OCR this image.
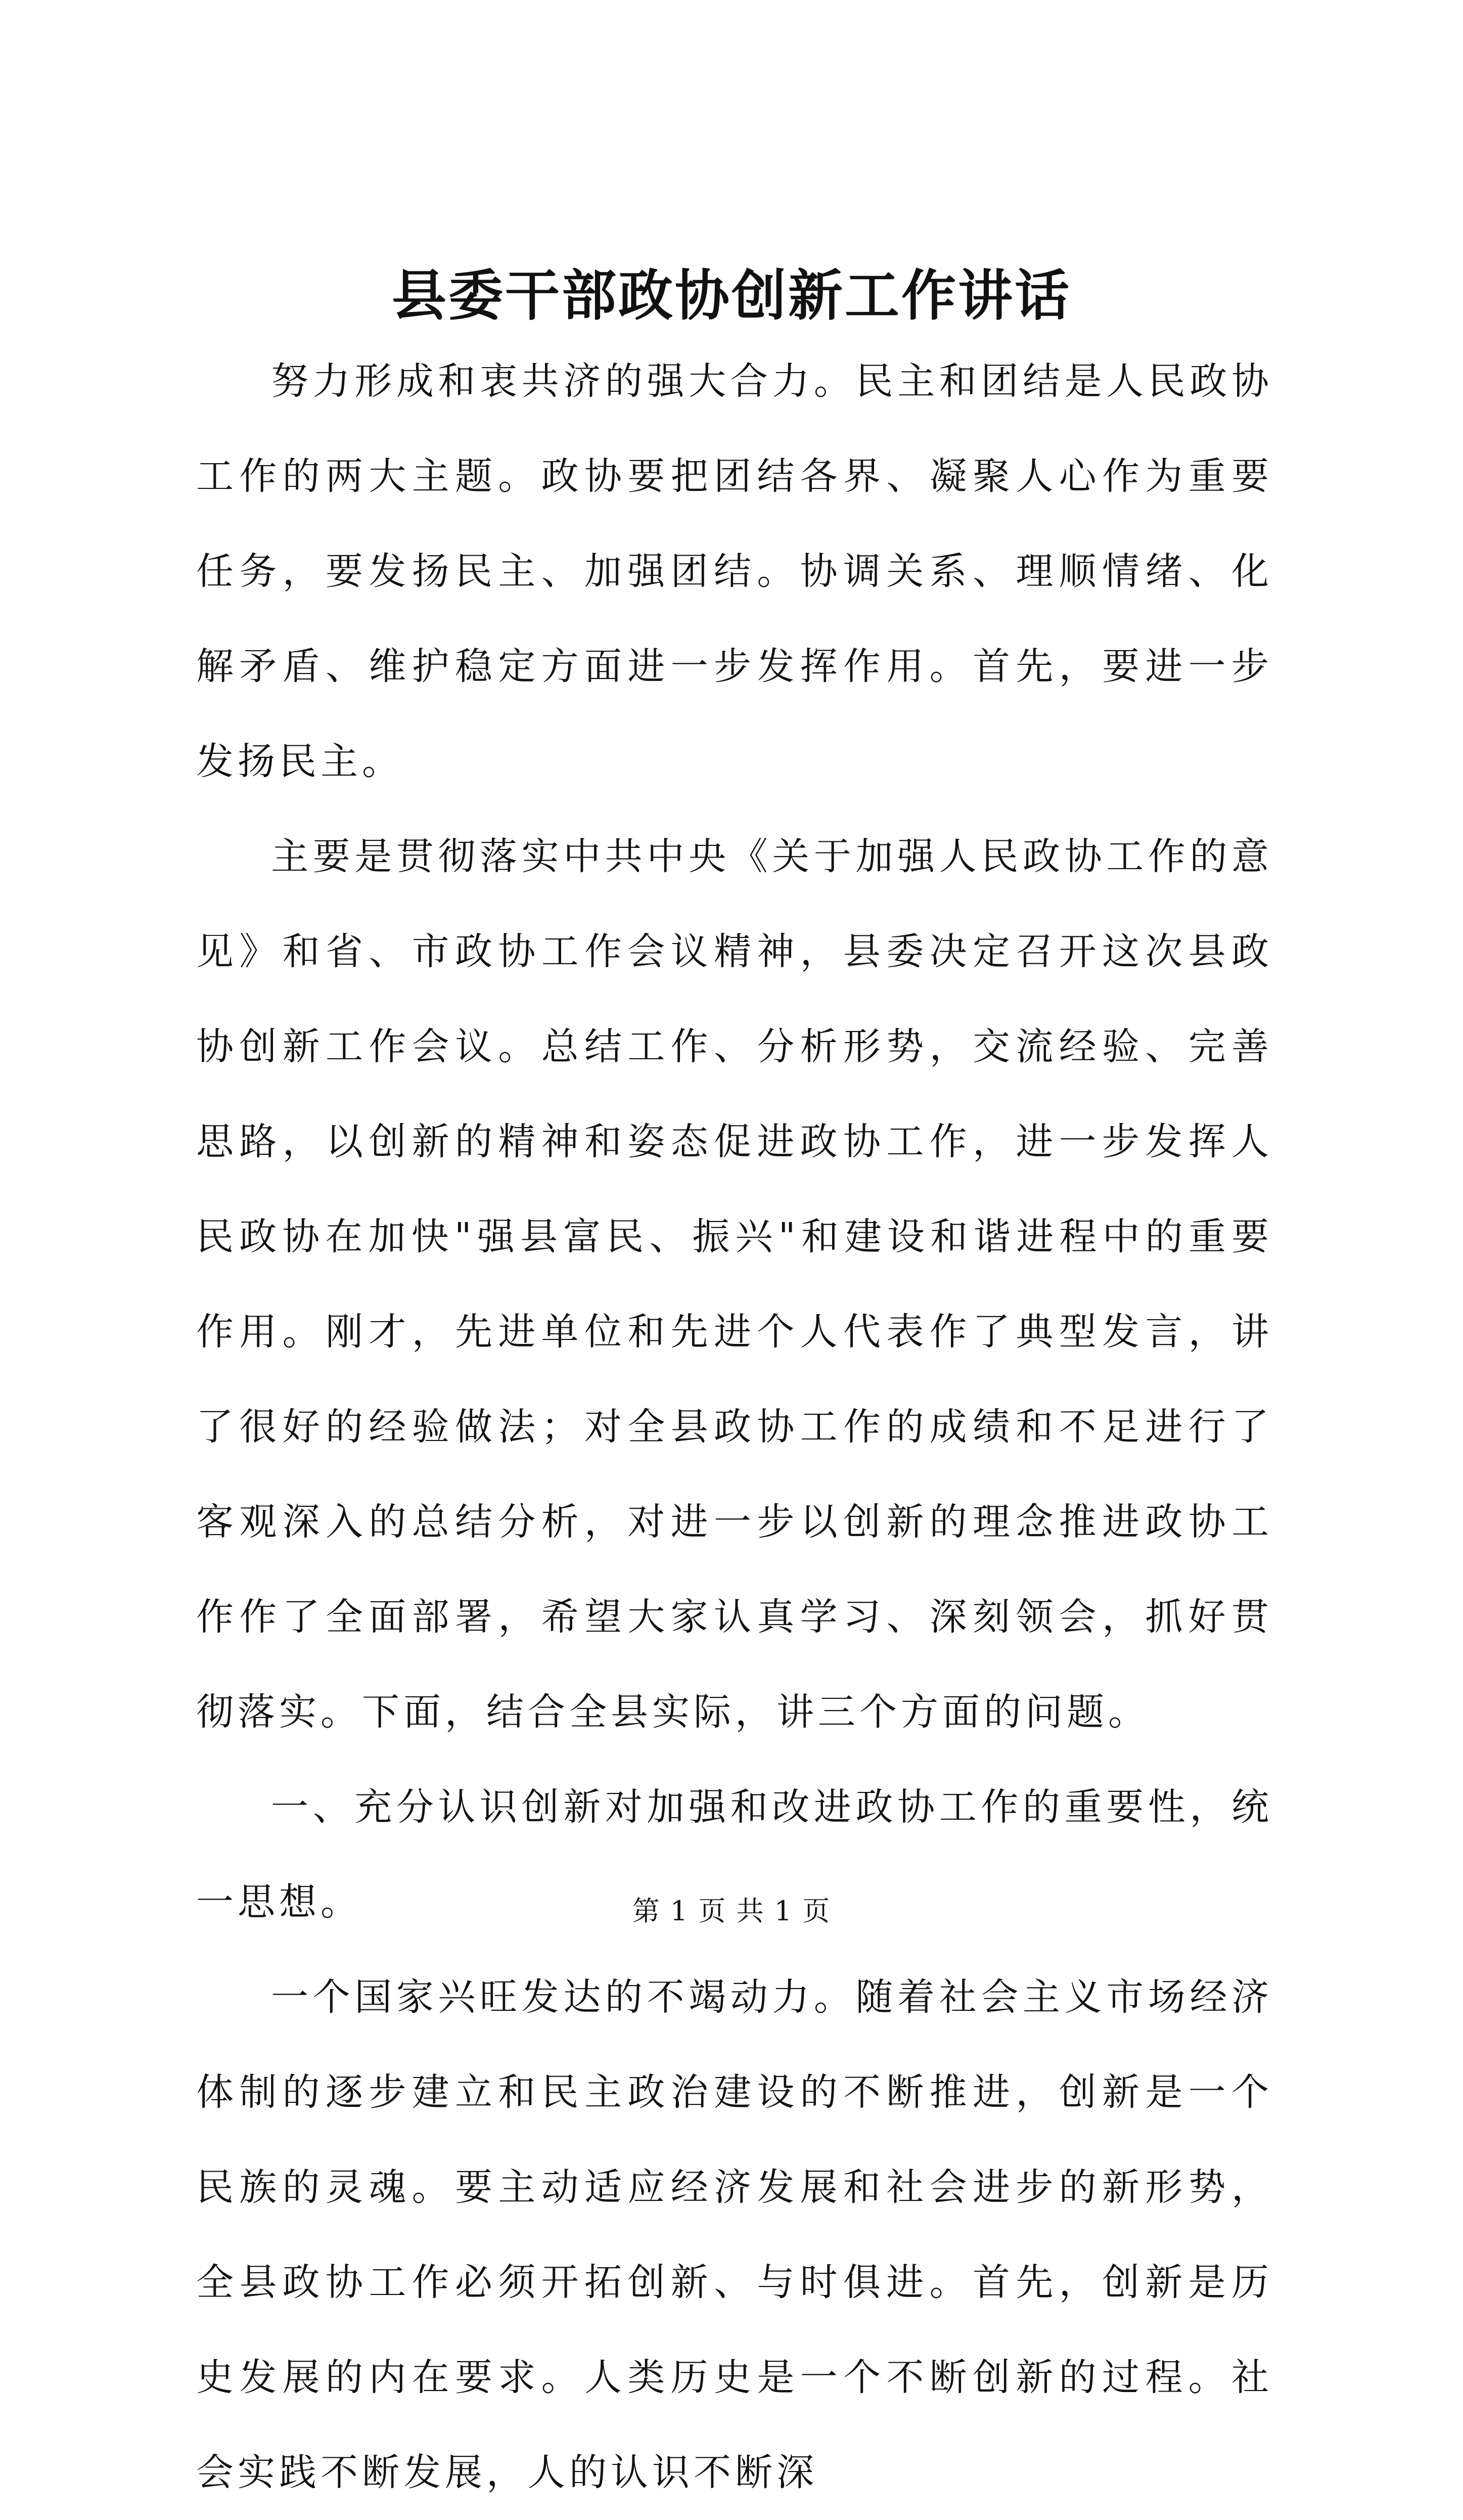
县委干部政协创新工作讲话

努力形成和衷共济的强大合力。民主和团结是人民政协工作的两大主题。政协要把团结各界、凝聚人心作为重要任务，要发扬民主、加强团结。协调关系、理顺情绪、化解矛盾、维护稳定方面进一步发挥作用。首先，要进一步发扬民主。

主要是贯彻落实中共中央《关于加强人民政协工作的意见》和省、市政协工作会议精神，县委决定召开这次县政协创新工作会议。总结工作、分析形势，交流经验、完善思路，以创新的精神和姿态促进政协工作，进一步发挥人民政协在加快"强县富民、振兴"和建设和谐进程中的重要作用。刚才，先进单位和先进个人代表作了典型发言，讲了很好的经验做法；对全县政协工作的成绩和不足进行了客观深入的总结分析，对进一步以创新的理念推进政协工作作了全面部署，希望大家认真学习、深刻领会，抓好贯彻落实。下面，结合全县实际，讲三个方面的问题。

一、充分认识创新对加强和改进政协工作的重要性，统一思想。

一个国家兴旺发达的不竭动力。随着社会主义市场经济体制的逐步建立和民主政治建设的不断推进，创新是一个民族的灵魂。要主动适应经济发展和社会进步的新形势，全县政协工作必须开拓创新、与时俱进。首先，创新是历史发展的内在要求。人类历史是一个不断创新的过程。社会实践不断发展，人的认识不断深

第 1 页 共 1 页
